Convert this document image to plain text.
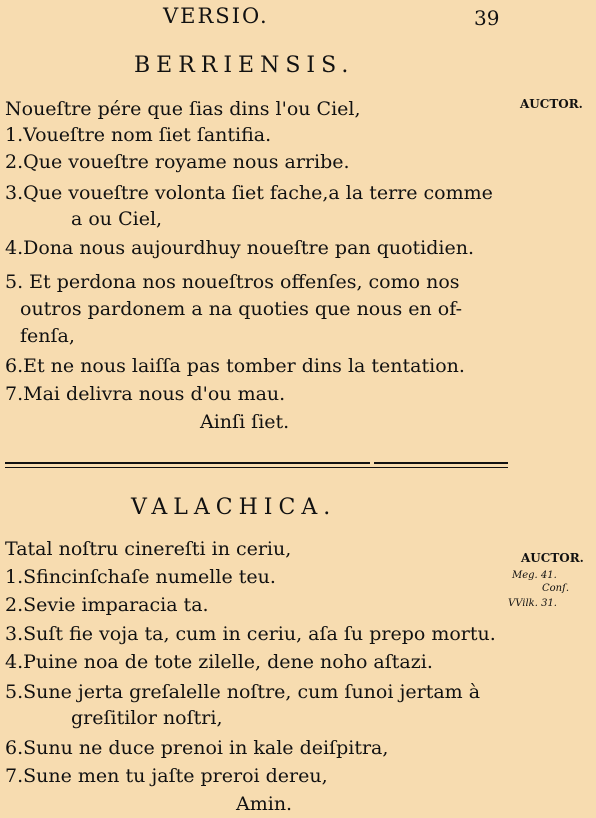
VERSIO.	39
BERRIENSIS.
AUCTOR.
Noueſtre pére que ſias dins l'ou Ciel,
1.Voueſtre nom ſiet ſantifia.
2.Que voueſtre royame nous arribe.
3.Que voueſtre volonta ſiet fache,a la terre comme
a ou Ciel,
4.Dona nous aujourdhuy noueſtre pan quotidien.
5. Et perdona nos noueſtros offenſes, como nos
outros pardonem a na quoties que nous en of-
fenſa,
6.Et ne nous laiſſa pas tomber dins la tentation.
7.Mai delivra nous d'ou mau.
Ainſi ſiet.
VALACHICA.
AUCTOR.
Meg. 41.
Conſ.
VVilk. 31.
Tatal noſtru cinereſti in ceriu,
1.Sfincinſchaſe numelle teu.
2.Sevie imparacia ta.
3.Suſt fie voja ta, cum in ceriu, aſa ſu prepo mortu.
4.Puine noa de tote zilelle, dene noho aſtazi.
5.Sune jerta greſalelle noſtre, cum ſunoi jertam à
greſitilor noſtri,
6.Sunu ne duce prenoi in kale deiſpitra,
7.Sune men tu jaſte preroi dereu,
Amin.
